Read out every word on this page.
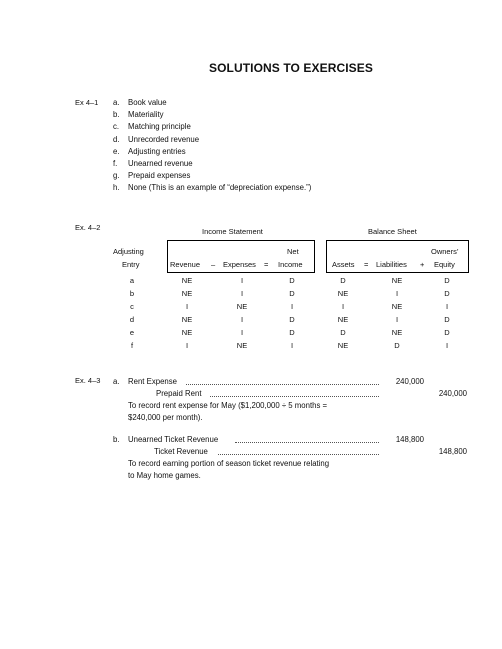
SOLUTIONS TO EXERCISES
Ex 4–1 a. Book value
b. Materiality
c. Matching principle
d. Unrecorded revenue
e. Adjusting entries
f. Unearned revenue
g. Prepaid expenses
h. None (This is an example of “depreciation expense.”)
Ex. 4–2	Income Statement	Balance Sheet
Adjusting	Net	Owners’
Entry	Revenue – Expenses = Income	Assets = Liabilities + Equity
a	NE	I	D	D	NE	D
b	NE	I	D	NE	I	D
c	I	NE	I	I	NE	I
d	NE	I	D	NE	I	D
e	NE	I	D	D	NE	D
f	I	NE	I	NE	D	I
Ex. 4–3 a. Rent Expense	240,000
Prepaid Rent	240,000
To record rent expense for May ($1,200,000 ÷ 5 months =
$240,000 per month).
b. Unearned Ticket Revenue	148,800
Ticket Revenue	148,800
To record earning portion of season ticket revenue relating
to May home games.
